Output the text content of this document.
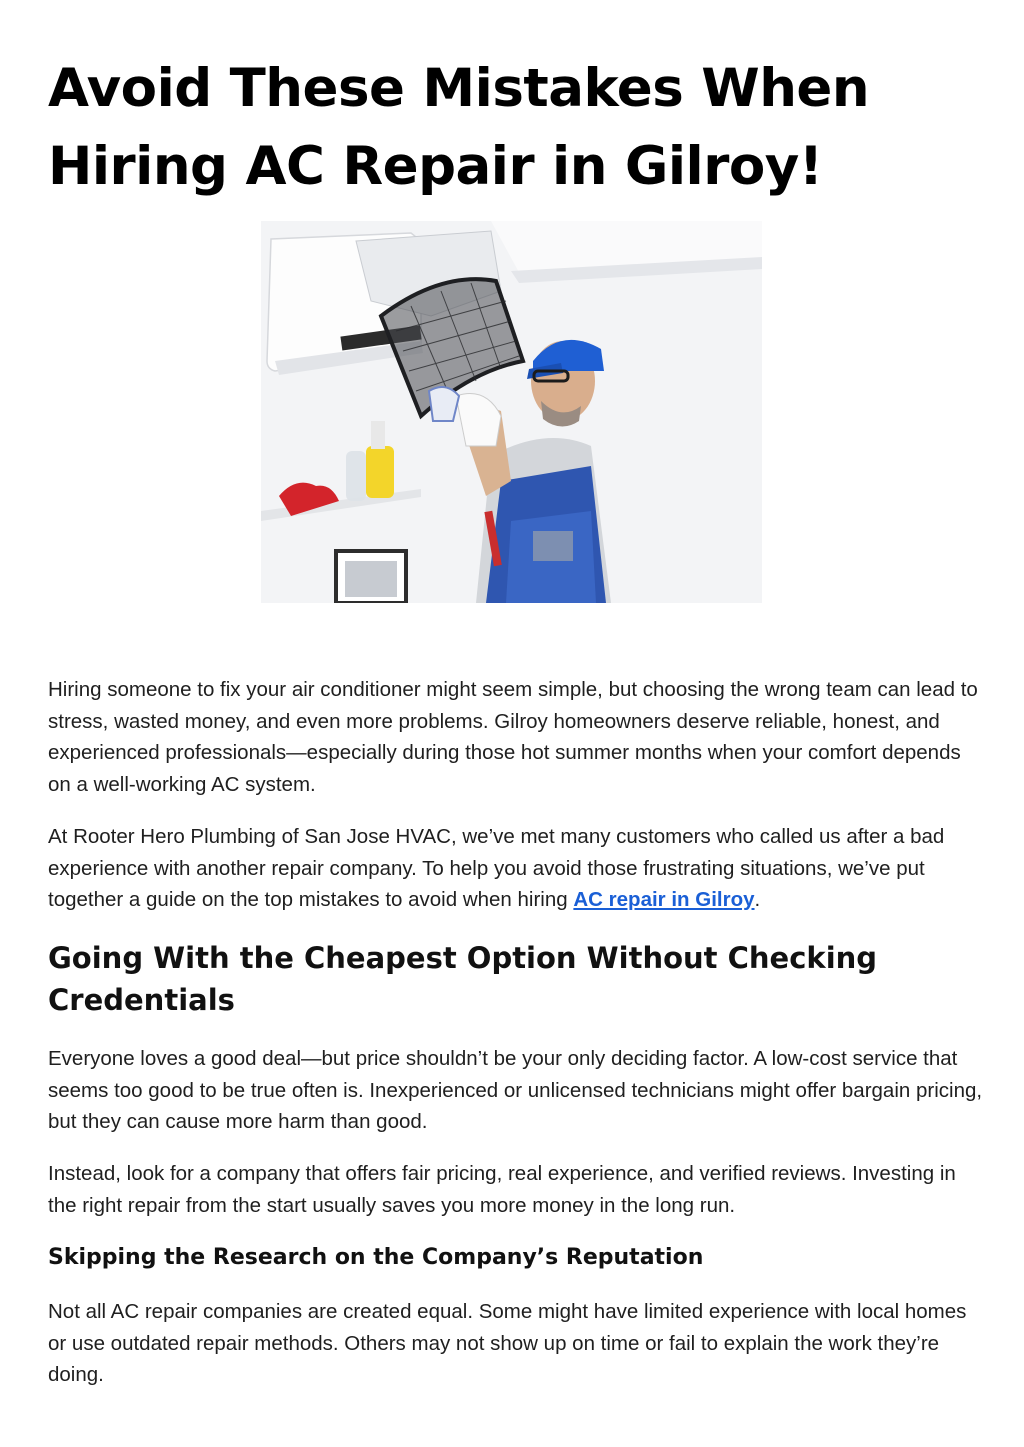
Avoid These Mistakes When Hiring AC Repair in Gilroy!

Hiring someone to fix your air conditioner might seem simple, but choosing the wrong team can lead to stress, wasted money, and even more problems. Gilroy homeowners deserve reliable, honest, and experienced professionals—especially during those hot summer months when your comfort depends on a well-working AC system.

At Rooter Hero Plumbing of San Jose HVAC, we’ve met many customers who called us after a bad experience with another repair company. To help you avoid those frustrating situations, we’ve put together a guide on the top mistakes to avoid when hiring AC repair in Gilroy.

Going With the Cheapest Option Without Checking Credentials

Everyone loves a good deal—but price shouldn’t be your only deciding factor. A low-cost service that seems too good to be true often is. Inexperienced or unlicensed technicians might offer bargain pricing, but they can cause more harm than good.

Instead, look for a company that offers fair pricing, real experience, and verified reviews. Investing in the right repair from the start usually saves you more money in the long run.

Skipping the Research on the Company’s Reputation

Not all AC repair companies are created equal. Some might have limited experience with local homes or use outdated repair methods. Others may not show up on time or fail to explain the work they’re doing.
